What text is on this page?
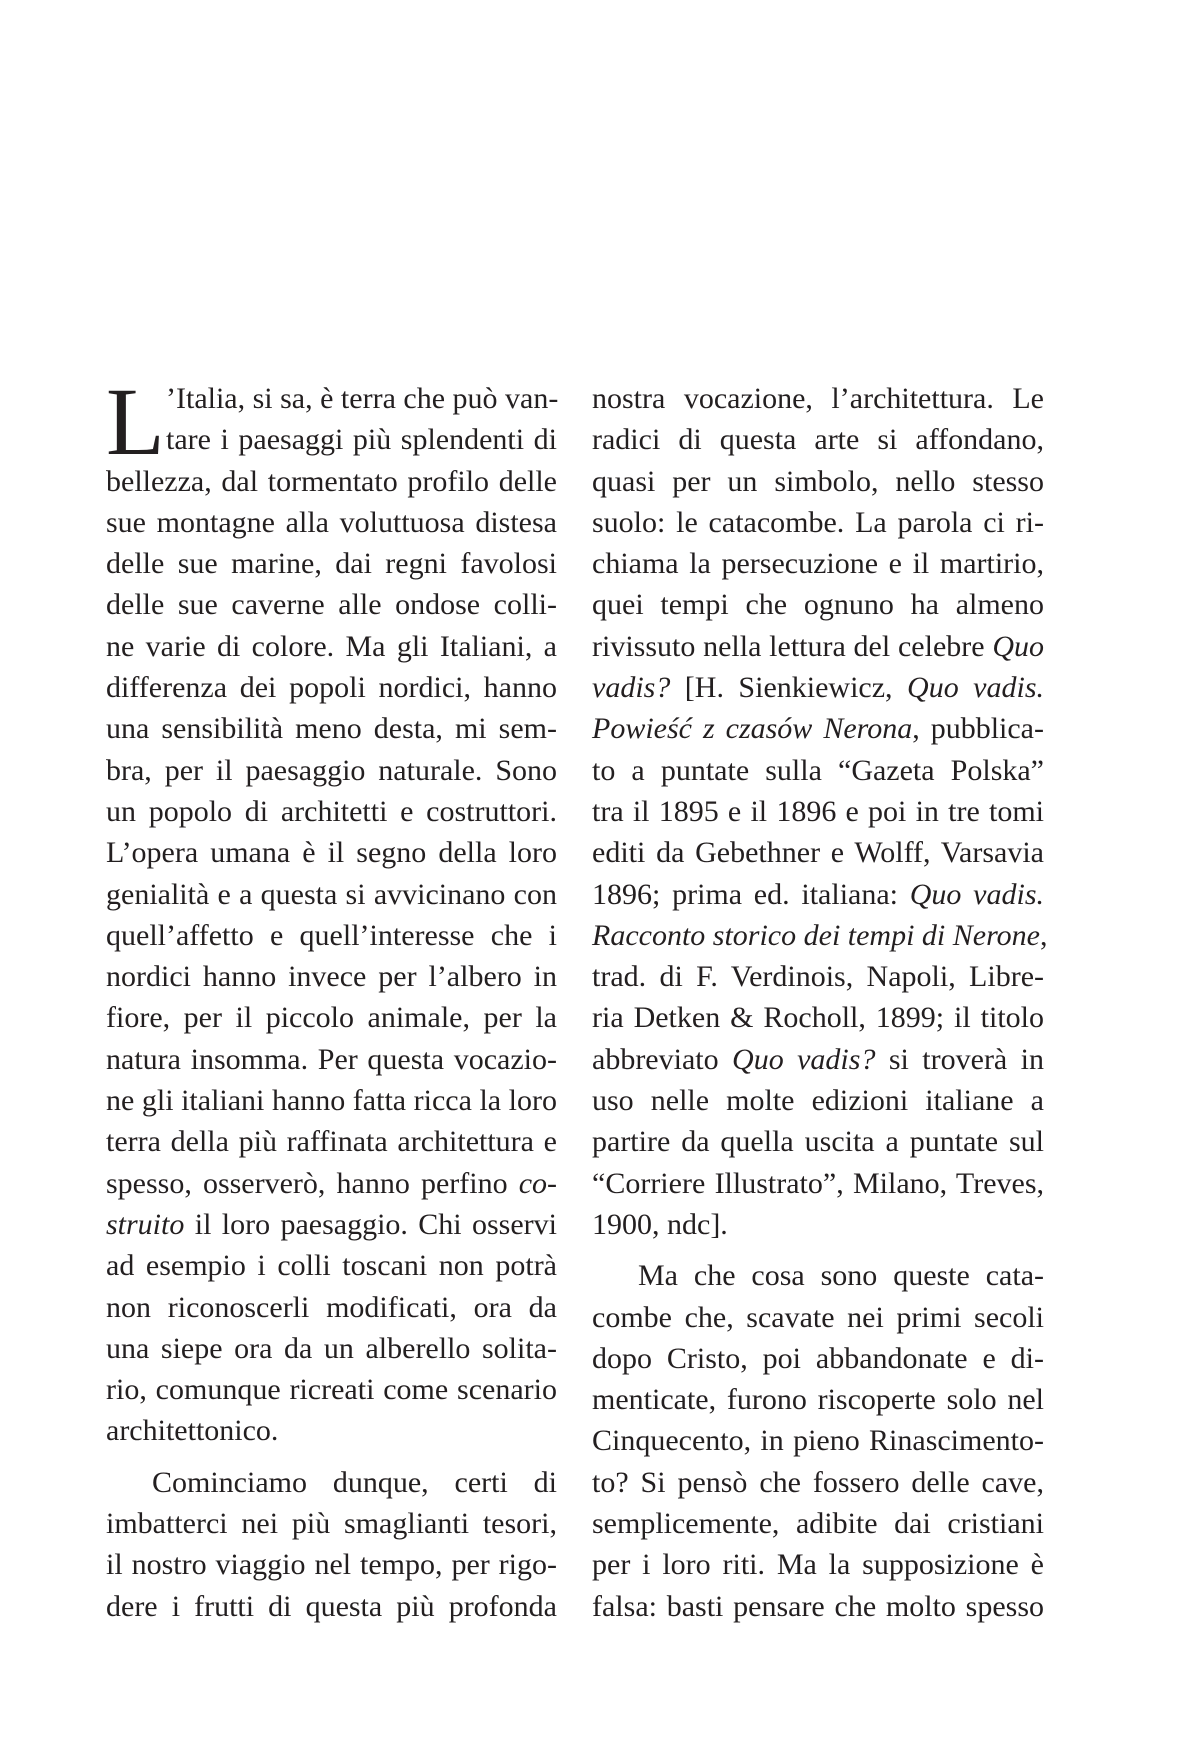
L ’Italia, si sa, è terra che può van-
tare i paesaggi più splendenti di
bellezza, dal tormentato profilo delle
sue montagne alla voluttuosa distesa
delle sue marine, dai regni favolosi
delle sue caverne alle ondose colli-
ne varie di colore. Ma gli Italiani, a
differenza dei popoli nordici, hanno
una sensibilità meno desta, mi sem-
bra, per il paesaggio naturale. Sono
un popolo di architetti e costruttori.
L’opera umana è il segno della loro
genialità e a questa si avvicinano con
quell’affetto e quell’interesse che i
nordici hanno invece per l’albero in
fiore, per il piccolo animale, per la
natura insomma. Per questa vocazio-
ne gli italiani hanno fatta ricca la loro
terra della più raffinata architettura e
spesso, osserverò, hanno perfino co-
struito il loro paesaggio. Chi osservi
ad esempio i colli toscani non potrà
non riconoscerli modificati, ora da
una siepe ora da un alberello solita-
rio, comunque ricreati come scenario
architettonico.
Cominciamo dunque, certi di
imbatterci nei più smaglianti tesori,
il nostro viaggio nel tempo, per rigo-
dere i frutti di questa più profonda
nostra vocazione, l’architettura. Le
radici di questa arte si affondano,
quasi per un simbolo, nello stesso
suolo: le catacombe. La parola ci ri-
chiama la persecuzione e il martirio,
quei tempi che ognuno ha almeno
rivissuto nella lettura del celebre Quo
vadis? [H. Sienkiewicz, Quo vadis.
Powieść z czasów Nerona, pubblica-
to a puntate sulla “Gazeta Polska”
tra il 1895 e il 1896 e poi in tre tomi
editi da Gebethner e Wolff, Varsavia
1896; prima ed. italiana: Quo vadis.
Racconto storico dei tempi di Nerone,
trad. di F. Verdinois, Napoli, Libre-
ria Detken & Rocholl, 1899; il titolo
abbreviato Quo vadis? si troverà in
uso nelle molte edizioni italiane a
partire da quella uscita a puntate sul
“Corriere Illustrato”, Milano, Treves,
1900, ndc].
Ma che cosa sono queste cata-
combe che, scavate nei primi secoli
dopo Cristo, poi abbandonate e di-
menticate, furono riscoperte solo nel
Cinquecento, in pieno Rinascimento-
to? Si pensò che fossero delle cave,
semplicemente, adibite dai cristiani
per i loro riti. Ma la supposizione è
falsa: basti pensare che molto spesso
